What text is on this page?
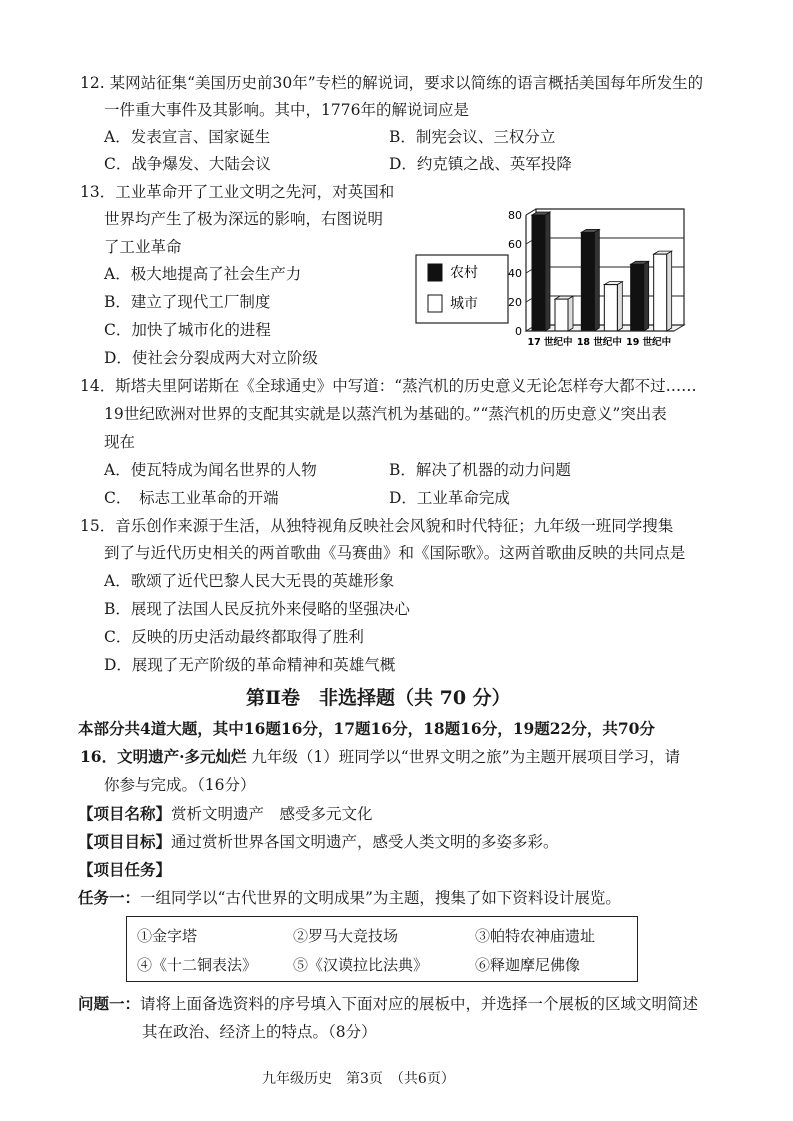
12. 某网站征集“美国历史前30年”专栏的解说词，要求以简练的语言概括美国每年所发生的
一件重大事件及其影响。其中，1776年的解说词应是
A．发表宣言、国家诞生	B．制宪会议、三权分立
C．战争爆发、大陆会议	D．约克镇之战、英军投降
13．工业革命开了工业文明之先河，对英国和
世界均产生了极为深远的影响，右图说明
了工业革命
A．极大地提高了社会生产力
B．建立了现代工厂制度
C．加快了城市化的进程
D．使社会分裂成两大对立阶级
农村
城市
0
20
40
60
80
17 世纪中 18 世纪中 19 世纪中
14．斯塔夫里阿诺斯在《全球通史》中写道：“蒸汽机的历史意义无论怎样夸大都不过……
19世纪欧洲对世界的支配其实就是以蒸汽机为基础的。”“蒸汽机的历史意义”突出表
现在
A．使瓦特成为闻名世界的人物	B．解决了机器的动力问题
C．　标志工业革命的开端	D．工业革命完成
15．音乐创作来源于生活，从独特视角反映社会风貌和时代特征；九年级一班同学搜集
到了与近代历史相关的两首歌曲《马赛曲》和《国际歌》。这两首歌曲反映的共同点是
A．歌颂了近代巴黎人民大无畏的英雄形象
B．展现了法国人民反抗外来侵略的坚强决心
C．反映的历史活动最终都取得了胜利
D．展现了无产阶级的革命精神和英雄气概
第Ⅱ卷　非选择题（共 70 分）
本部分共4道大题，其中16题16分，17题16分，18题16分，19题22分，共70分
16．文明遗产·多元灿烂 九年级（1）班同学以“世界文明之旅”为主题开展项目学习，请
你参与完成。（16分）
【项目名称】赏析文明遗产　感受多元文化
【项目目标】通过赏析世界各国文明遗产，感受人类文明的多姿多彩。
【项目任务】
任务一：一组同学以“古代世界的文明成果”为主题，搜集了如下资料设计展览。
①金字塔	②罗马大竞技场	③帕特农神庙遗址
④《十二铜表法》 ⑤《汉谟拉比法典》	⑥释迦摩尼佛像
问题一：请将上面备选资料的序号填入下面对应的展板中，并选择一个展板的区域文明简述
其在政治、经济上的特点。（8分）
九年级历史　第3页　（共6页）
